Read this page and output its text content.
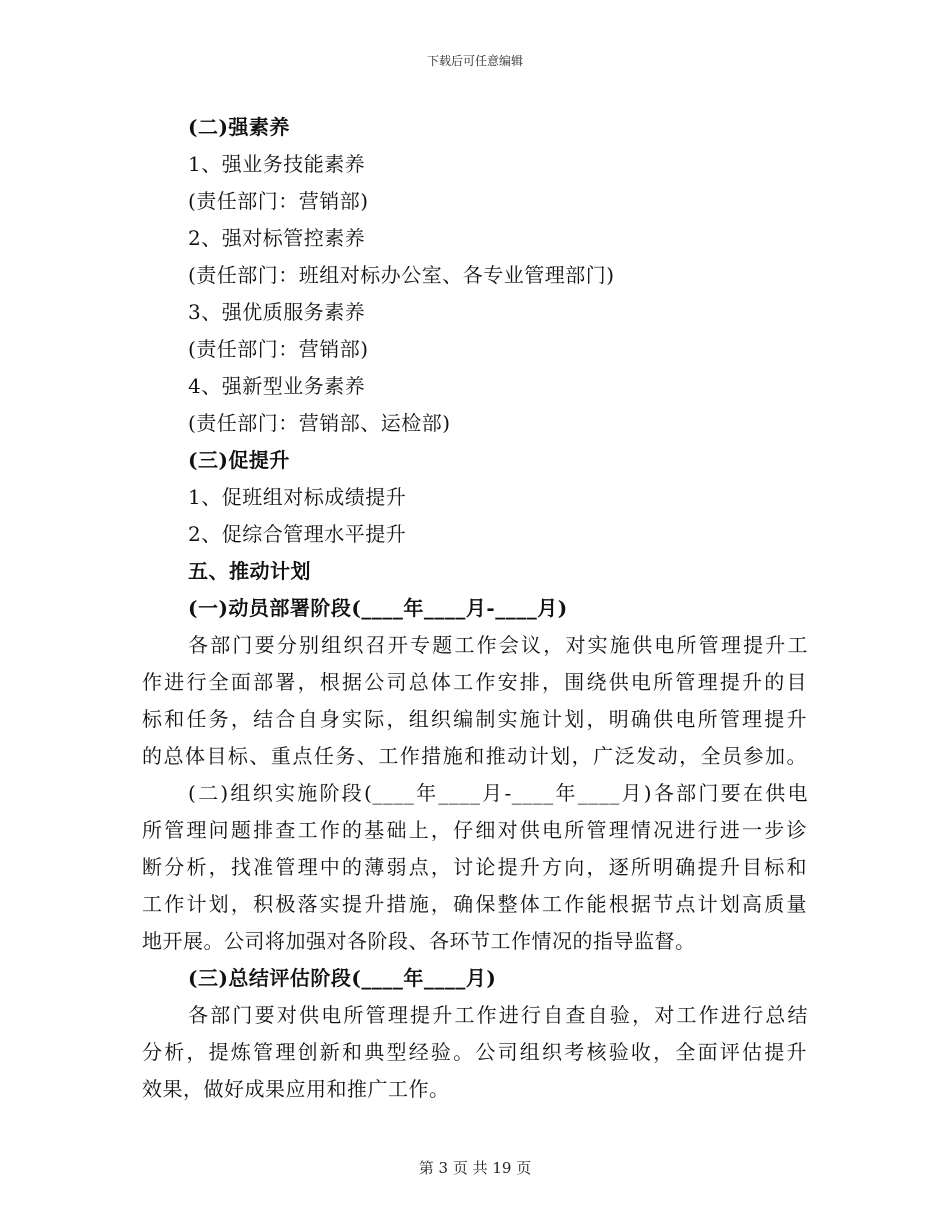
下载后可任意编辑
(二)强素养
1、强业务技能素养
(责任部门：营销部)
2、强对标管控素养
(责任部门：班组对标办公室、各专业管理部门)
3、强优质服务素养
(责任部门：营销部)
4、强新型业务素养
(责任部门：营销部、运检部)
(三)促提升
1、促班组对标成绩提升
2、促综合管理水平提升
五、推动计划
(一)动员部署阶段(____年____月-____月)
各部门要分别组织召开专题工作会议，对实施供电所管理提升工
作进行全面部署，根据公司总体工作安排，围绕供电所管理提升的目
标和任务，结合自身实际，组织编制实施计划，明确供电所管理提升
的总体目标、重点任务、工作措施和推动计划，广泛发动，全员参加。
(二)组织实施阶段(____年____月-____年____月)各部门要在供电
所管理问题排查工作的基础上，仔细对供电所管理情况进行进一步诊
断分析，找准管理中的薄弱点，讨论提升方向，逐所明确提升目标和
工作计划，积极落实提升措施，确保整体工作能根据节点计划高质量
地开展。公司将加强对各阶段、各环节工作情况的指导监督。
(三)总结评估阶段(____年____月)
各部门要对供电所管理提升工作进行自查自验，对工作进行总结
分析，提炼管理创新和典型经验。公司组织考核验收，全面评估提升
效果，做好成果应用和推广工作。
第 3 页 共 19 页
